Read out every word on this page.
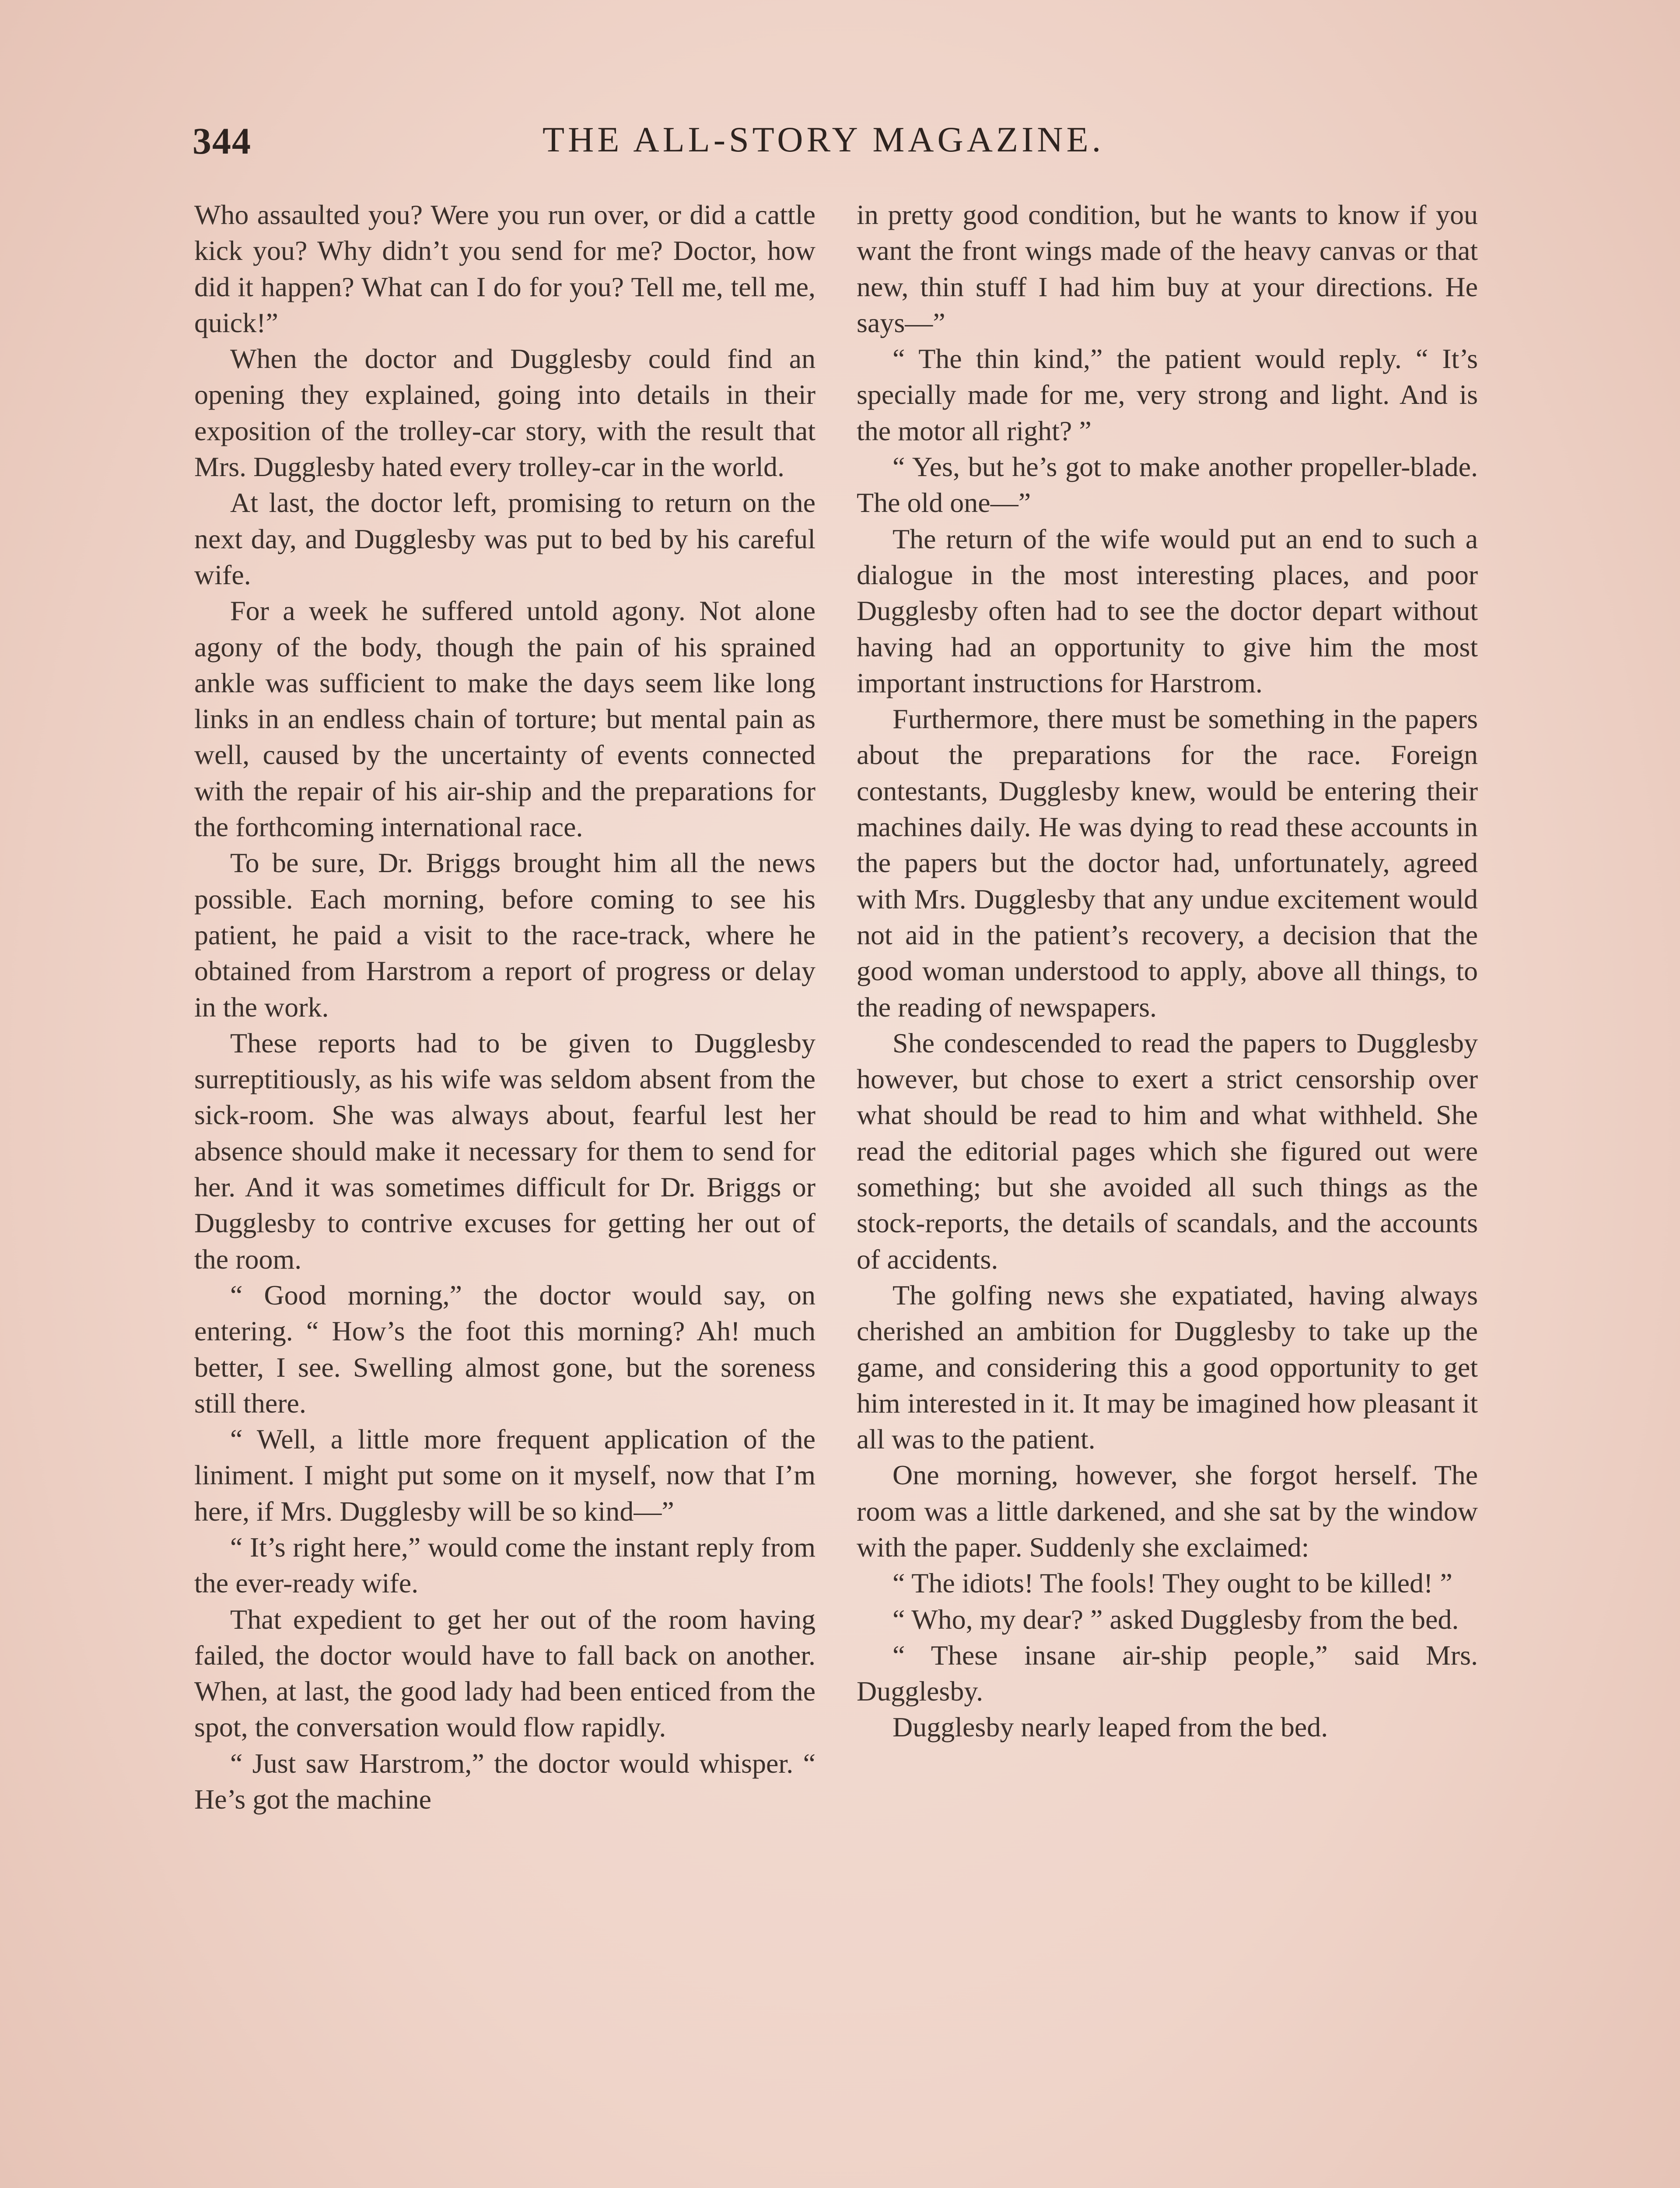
344	THE ALL-STORY MAGAZINE.

Who assaulted you? Were you run over, or did a cattle kick you? Why didn’t you send for me? Doctor, how did it happen? What can I do for you? Tell me, tell me, quick!”

When the doctor and Dugglesby could find an opening they explained, going into details in their exposition of the trolley-car story, with the result that Mrs. Dugglesby hated every trolley-car in the world.

At last, the doctor left, promising to return on the next day, and Dugglesby was put to bed by his careful wife.

For a week he suffered untold agony. Not alone agony of the body, though the pain of his sprained ankle was sufficient to make the days seem like long links in an endless chain of torture; but mental pain as well, caused by the uncertainty of events connected with the repair of his air-ship and the preparations for the forthcoming international race.

To be sure, Dr. Briggs brought him all the news possible. Each morning, before coming to see his patient, he paid a visit to the race-track, where he obtained from Harstrom a report of progress or delay in the work.

These reports had to be given to Dugglesby surreptitiously, as his wife was seldom absent from the sick-room. She was always about, fearful lest her absence should make it necessary for them to send for her. And it was sometimes difficult for Dr. Briggs or Dugglesby to contrive excuses for getting her out of the room.

“ Good morning,” the doctor would say, on entering. “ How’s the foot this morning? Ah! much better, I see. Swelling almost gone, but the soreness still there.

“ Well, a little more frequent application of the liniment. I might put some on it myself, now that I’m here, if Mrs. Dugglesby will be so kind—”

“ It’s right here,” would come the instant reply from the ever-ready wife.

That expedient to get her out of the room having failed, the doctor would have to fall back on another. When, at last, the good lady had been enticed from the spot, the conversation would flow rapidly.

“ Just saw Harstrom,” the doctor would whisper. “ He’s got the machine

in pretty good condition, but he wants to know if you want the front wings made of the heavy canvas or that new, thin stuff I had him buy at your directions. He says—”

“ The thin kind,” the patient would reply. “ It’s specially made for me, very strong and light. And is the motor all right? ”

“ Yes, but he’s got to make another propeller-blade. The old one—”

The return of the wife would put an end to such a dialogue in the most interesting places, and poor Dugglesby often had to see the doctor depart without having had an opportunity to give him the most important instructions for Harstrom.

Furthermore, there must be something in the papers about the preparations for the race. Foreign contestants, Dugglesby knew, would be entering their machines daily. He was dying to read these accounts in the papers but the doctor had, unfortunately, agreed with Mrs. Dugglesby that any undue excitement would not aid in the patient’s recovery, a decision that the good woman understood to apply, above all things, to the reading of newspapers.

She condescended to read the papers to Dugglesby however, but chose to exert a strict censorship over what should be read to him and what withheld. She read the editorial pages which she figured out were something; but she avoided all such things as the stock-reports, the details of scandals, and the accounts of accidents.

The golfing news she expatiated, having always cherished an ambition for Dugglesby to take up the game, and considering this a good opportunity to get him interested in it. It may be imagined how pleasant it all was to the patient.

One morning, however, she forgot herself. The room was a little darkened, and she sat by the window with the paper. Suddenly she exclaimed:

“ The idiots! The fools! They ought to be killed! ”

“ Who, my dear? ” asked Dugglesby from the bed.

“ These insane air-ship people,” said Mrs. Dugglesby.

Dugglesby nearly leaped from the bed.
